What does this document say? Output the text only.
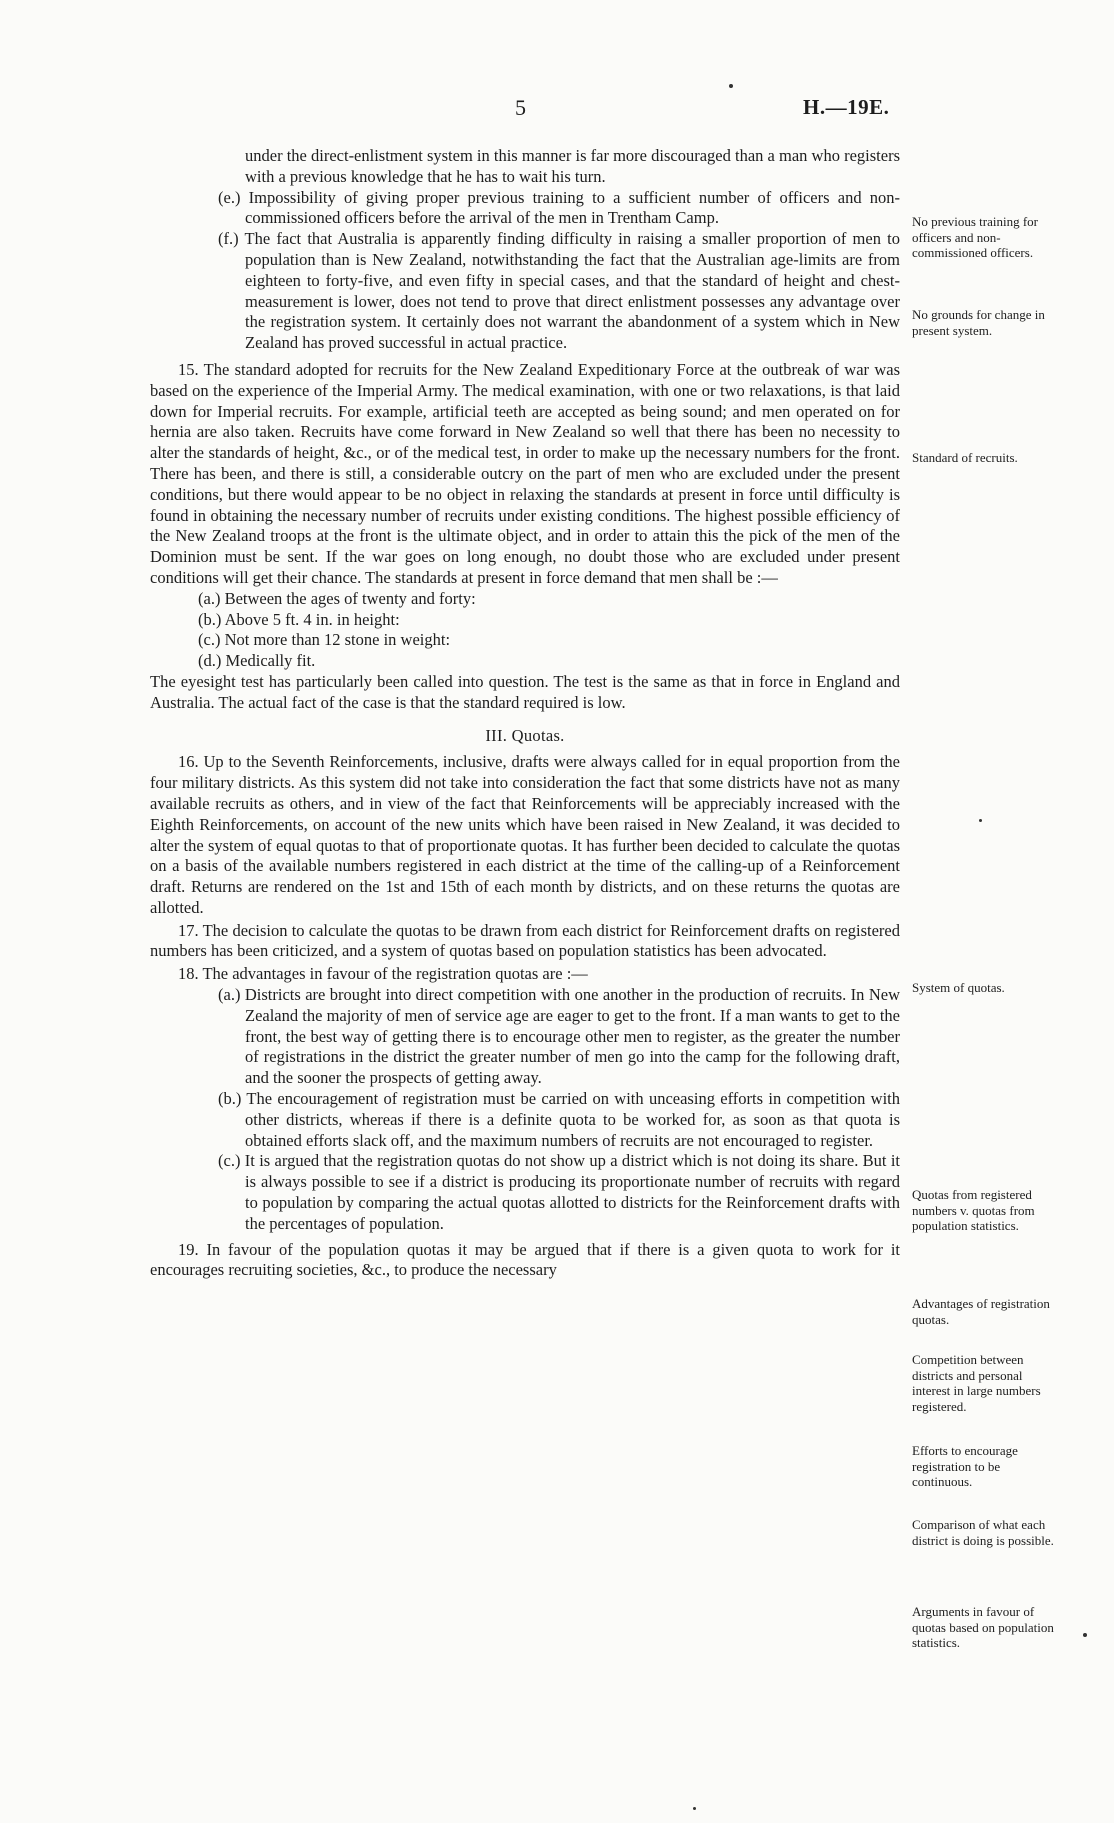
5	H.—19E.

under the direct-enlistment system in this manner is far more discouraged than a man who registers with a previous knowledge that he has to wait his turn.

(e.) Impossibility of giving proper previous training to a sufficient number of officers and non-commissioned officers before the arrival of the men in Trentham Camp.

(f.) The fact that Australia is apparently finding difficulty in raising a smaller proportion of men to population than is New Zealand, notwithstanding the fact that the Australian age-limits are from eighteen to forty-five, and even fifty in special cases, and that the standard of height and chest-measurement is lower, does not tend to prove that direct enlistment possesses any advantage over the registration system. It certainly does not warrant the abandonment of a system which in New Zealand has proved successful in actual practice.

15. The standard adopted for recruits for the New Zealand Expeditionary Force at the outbreak of war was based on the experience of the Imperial Army. The medical examination, with one or two relaxations, is that laid down for Imperial recruits. For example, artificial teeth are accepted as being sound; and men operated on for hernia are also taken. Recruits have come forward in New Zealand so well that there has been no necessity to alter the standards of height, &c., or of the medical test, in order to make up the necessary numbers for the front. There has been, and there is still, a considerable outcry on the part of men who are excluded under the present conditions, but there would appear to be no object in relaxing the standards at present in force until difficulty is found in obtaining the necessary number of recruits under existing conditions. The highest possible efficiency of the New Zealand troops at the front is the ultimate object, and in order to attain this the pick of the men of the Dominion must be sent. If the war goes on long enough, no doubt those who are excluded under present conditions will get their chance. The standards at present in force demand that men shall be :—

(a.) Between the ages of twenty and forty:

(b.) Above 5 ft. 4 in. in height:

(c.) Not more than 12 stone in weight:

(d.) Medically fit.

The eyesight test has particularly been called into question. The test is the same as that in force in England and Australia. The actual fact of the case is that the standard required is low.

III. Quotas.

16. Up to the Seventh Reinforcements, inclusive, drafts were always called for in equal proportion from the four military districts. As this system did not take into consideration the fact that some districts have not as many available recruits as others, and in view of the fact that Reinforcements will be appreciably increased with the Eighth Reinforcements, on account of the new units which have been raised in New Zealand, it was decided to alter the system of equal quotas to that of proportionate quotas. It has further been decided to calculate the quotas on a basis of the available numbers registered in each district at the time of the calling-up of a Reinforcement draft. Returns are rendered on the 1st and 15th of each month by districts, and on these returns the quotas are allotted.

17. The decision to calculate the quotas to be drawn from each district for Reinforcement drafts on registered numbers has been criticized, and a system of quotas based on population statistics has been advocated.

18. The advantages in favour of the registration quotas are :—

(a.) Districts are brought into direct competition with one another in the production of recruits. In New Zealand the majority of men of service age are eager to get to the front. If a man wants to get to the front, the best way of getting there is to encourage other men to register, as the greater the number of registrations in the district the greater number of men go into the camp for the following draft, and the sooner the prospects of getting away.

(b.) The encouragement of registration must be carried on with unceasing efforts in competition with other districts, whereas if there is a definite quota to be worked for, as soon as that quota is obtained efforts slack off, and the maximum numbers of recruits are not encouraged to register.

(c.) It is argued that the registration quotas do not show up a district which is not doing its share. But it is always possible to see if a district is producing its proportionate number of recruits with regard to population by comparing the actual quotas allotted to districts for the Reinforcement drafts with the percentages of population.

19. In favour of the population quotas it may be argued that if there is a given quota to work for it encourages recruiting societies, &c., to produce the necessary

No previous training for officers and non-commissioned officers.
No grounds for change in present system.
Standard of recruits.
System of quotas.
Quotas from registered numbers v. quotas from population statistics.
Advantages of registration quotas.
Competition between districts and personal interest in large numbers registered.
Efforts to encourage registration to be continuous.
Comparison of what each district is doing is possible.
Arguments in favour of quotas based on population statistics.
